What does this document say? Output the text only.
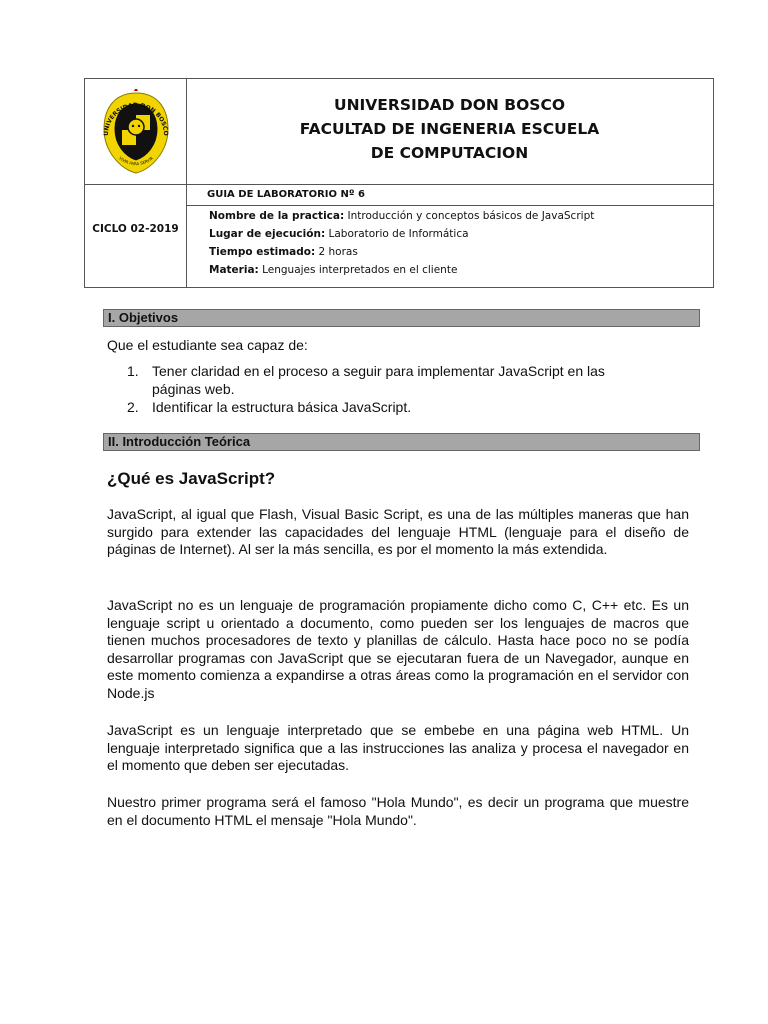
UNIVERSIDAD DON BOSCO
VIVIR PARA SERVIR
UNIVERSIDAD DON BOSCO
FACULTAD DE INGENERIA ESCUELA
DE COMPUTACION
CICLO 02-2019
GUIA DE LABORATORIO Nº 6
Nombre de la practica: Introducción y conceptos básicos de JavaScript
Lugar de ejecución: Laboratorio de Informática
Tiempo estimado: 2 horas
Materia: Lenguajes interpretados en el cliente
I. Objetivos
Que el estudiante sea capaz de:
1. Tener claridad en el proceso a seguir para implementar JavaScript en las
páginas web.
2. Identificar la estructura básica JavaScript.
II. Introducción Teórica
¿Qué es JavaScript?
JavaScript, al igual que Flash, Visual Basic Script, es una de las múltiples maneras que han surgido para extender las capacidades del lenguaje HTML (lenguaje para el diseño de páginas de Internet). Al ser la más sencilla, es por el momento la más extendida.
JavaScript no es un lenguaje de programación propiamente dicho como C, C++ etc. Es un lenguaje script u orientado a documento, como pueden ser los lenguajes de macros que tienen muchos procesadores de texto y planillas de cálculo. Hasta hace poco no se podía desarrollar programas con JavaScript que se ejecutaran fuera de un Navegador, aunque en este momento comienza a expandirse a otras áreas como la programación en el servidor con Node.js
JavaScript es un lenguaje interpretado que se embebe en una página web HTML. Un lenguaje interpretado significa que a las instrucciones las analiza y procesa el navegador en el momento que deben ser ejecutadas.
Nuestro primer programa será el famoso "Hola Mundo", es decir un programa que muestre en el documento HTML el mensaje "Hola Mundo".
